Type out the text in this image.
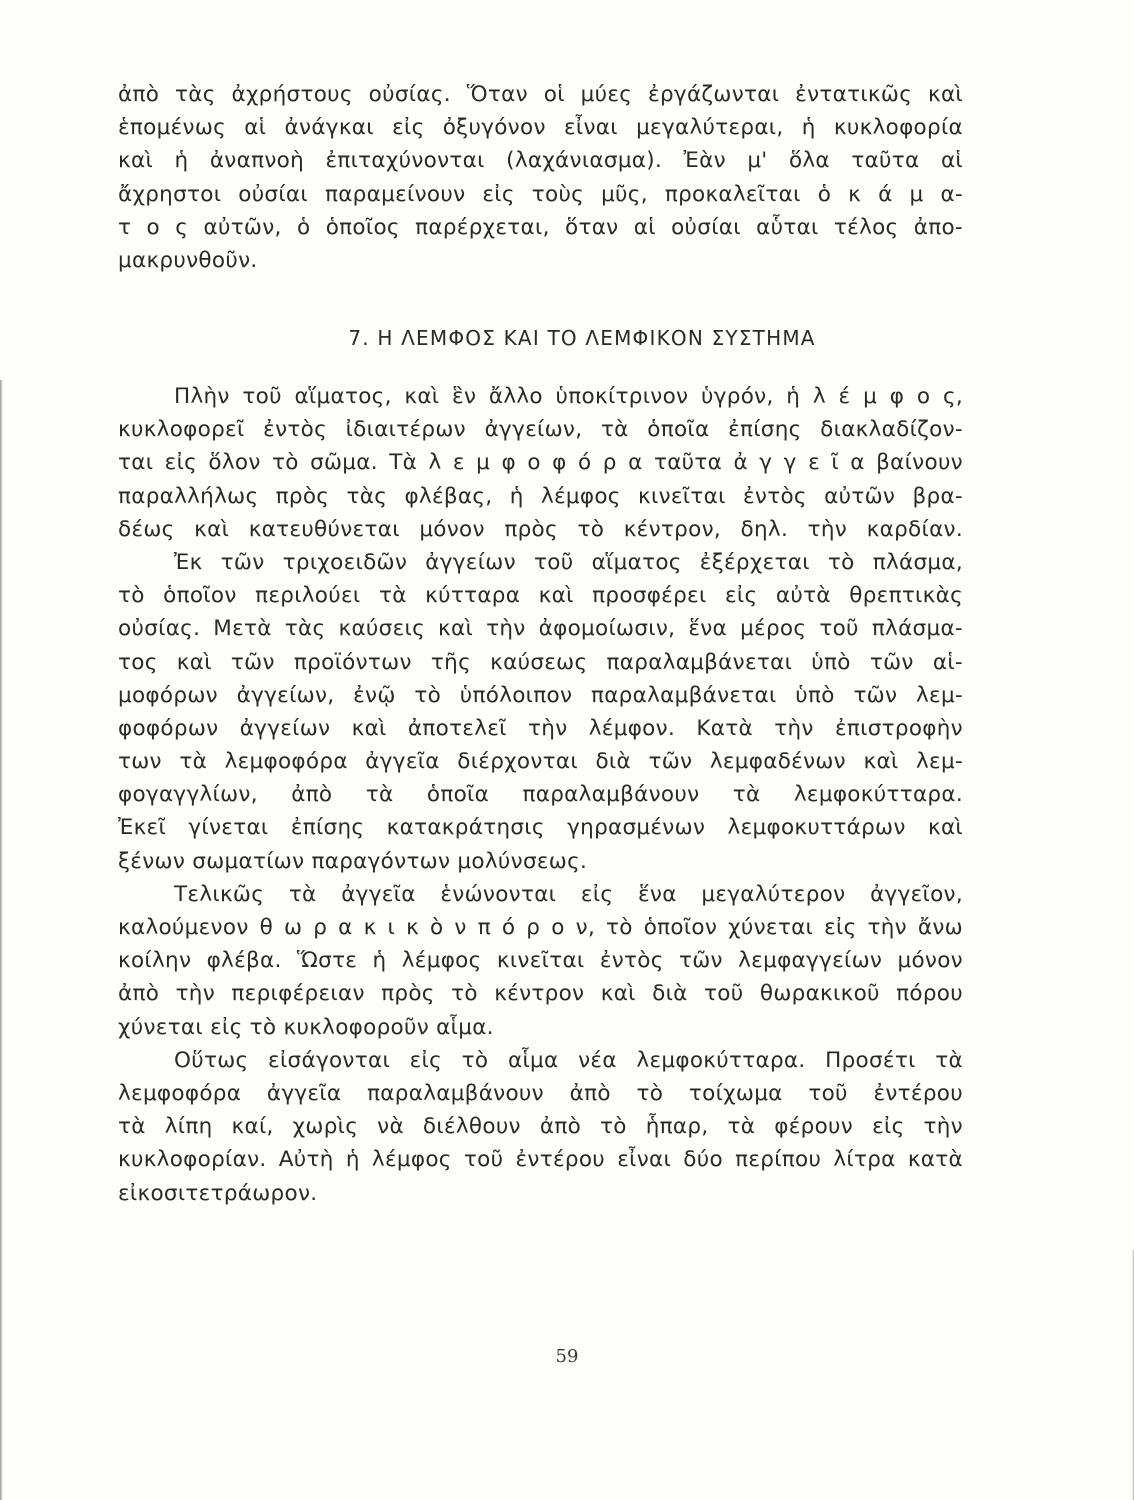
ἀπὸ τὰς ἀχρήστους οὐσίας. Ὅταν οἱ μύες ἐργάζωνται ἐντατικῶς καὶ
ἑπομένως αἱ ἀνάγκαι εἰς ὀξυγόνον εἶναι μεγαλύτεραι, ἡ κυκλοφορία
καὶ ἡ ἀναπνοὴ ἐπιταχύνονται (λαχάνιασμα). Ἐὰν μ' ὅλα ταῦτα αἱ
ἄχρηστοι οὐσίαι παραμείνουν εἰς τοὺς μῦς, προκαλεῖται ὁ κ ά μ α-
τ ο ς αὐτῶν, ὁ ὁποῖος παρέρχεται, ὅταν αἱ οὐσίαι αὗται τέλος ἀπο-
μακρυνθοῦν.
7. Η ΛΕΜΦΟΣ ΚΑΙ ΤΟ ΛΕΜΦΙΚΟΝ ΣΥΣΤΗΜΑ
Πλὴν τοῦ αἵματος, καὶ ἓν ἄλλο ὑποκίτρινον ὑγρόν, ἡ λ έ μ φ ο ς,
κυκλοφορεῖ ἐντὸς ἰδιαιτέρων ἀγγείων, τὰ ὁποῖα ἐπίσης διακλαδίζον-
ται εἰς ὅλον τὸ σῶμα. Τὰ λ ε μ φ ο φ ό ρ α ταῦτα ἀ γ γ ε ῖ α βαίνουν
παραλλήλως πρὸς τὰς φλέβας, ἡ λέμφος κινεῖται ἐντὸς αὐτῶν βρα-
δέως καὶ κατευθύνεται μόνον πρὸς τὸ κέντρον, δηλ. τὴν καρδίαν.
Ἐκ τῶν τριχοειδῶν ἀγγείων τοῦ αἵματος ἐξέρχεται τὸ πλάσμα,
τὸ ὁποῖον περιλούει τὰ κύτταρα καὶ προσφέρει εἰς αὐτὰ θρεπτικὰς
οὐσίας. Μετὰ τὰς καύσεις καὶ τὴν ἀφομοίωσιν, ἕνα μέρος τοῦ πλάσμα-
τος καὶ τῶν προϊόντων τῆς καύσεως παραλαμβάνεται ὑπὸ τῶν αἱ-
μοφόρων ἀγγείων, ἐνῷ τὸ ὑπόλοιπον παραλαμβάνεται ὑπὸ τῶν λεμ-
φοφόρων ἀγγείων καὶ ἀποτελεῖ τὴν λέμφον. Κατὰ τὴν ἐπιστροφὴν
των τὰ λεμφοφόρα ἀγγεῖα διέρχονται διὰ τῶν λεμφαδένων καὶ λεμ-
φογαγγλίων, ἀπὸ τὰ ὁποῖα παραλαμβάνουν τὰ λεμφοκύτταρα.
Ἐκεῖ γίνεται ἐπίσης κατακράτησις γηρασμένων λεμφοκυττάρων καὶ
ξένων σωματίων παραγόντων μολύνσεως.
Τελικῶς τὰ ἀγγεῖα ἑνώνονται εἰς ἕνα μεγαλύτερον ἀγγεῖον,
καλούμενον θ ω ρ α κ ι κ ὸ ν π ό ρ ο ν, τὸ ὁποῖον χύνεται εἰς τὴν ἄνω
κοίλην φλέβα. Ὥστε ἡ λέμφος κινεῖται ἐντὸς τῶν λεμφαγγείων μόνον
ἀπὸ τὴν περιφέρειαν πρὸς τὸ κέντρον καὶ διὰ τοῦ θωρακικοῦ πόρου
χύνεται εἰς τὸ κυκλοφοροῦν αἷμα.
Οὕτως εἰσάγονται εἰς τὸ αἷμα νέα λεμφοκύτταρα. Προσέτι τὰ
λεμφοφόρα ἀγγεῖα παραλαμβάνουν ἀπὸ τὸ τοίχωμα τοῦ ἐντέρου
τὰ λίπη καί, χωρὶς νὰ διέλθουν ἀπὸ τὸ ἧπαρ, τὰ φέρουν εἰς τὴν
κυκλοφορίαν. Αὐτὴ ἡ λέμφος τοῦ ἐντέρου εἶναι δύο περίπου λίτρα κατὰ
εἰκοσιτετράωρον.
59
